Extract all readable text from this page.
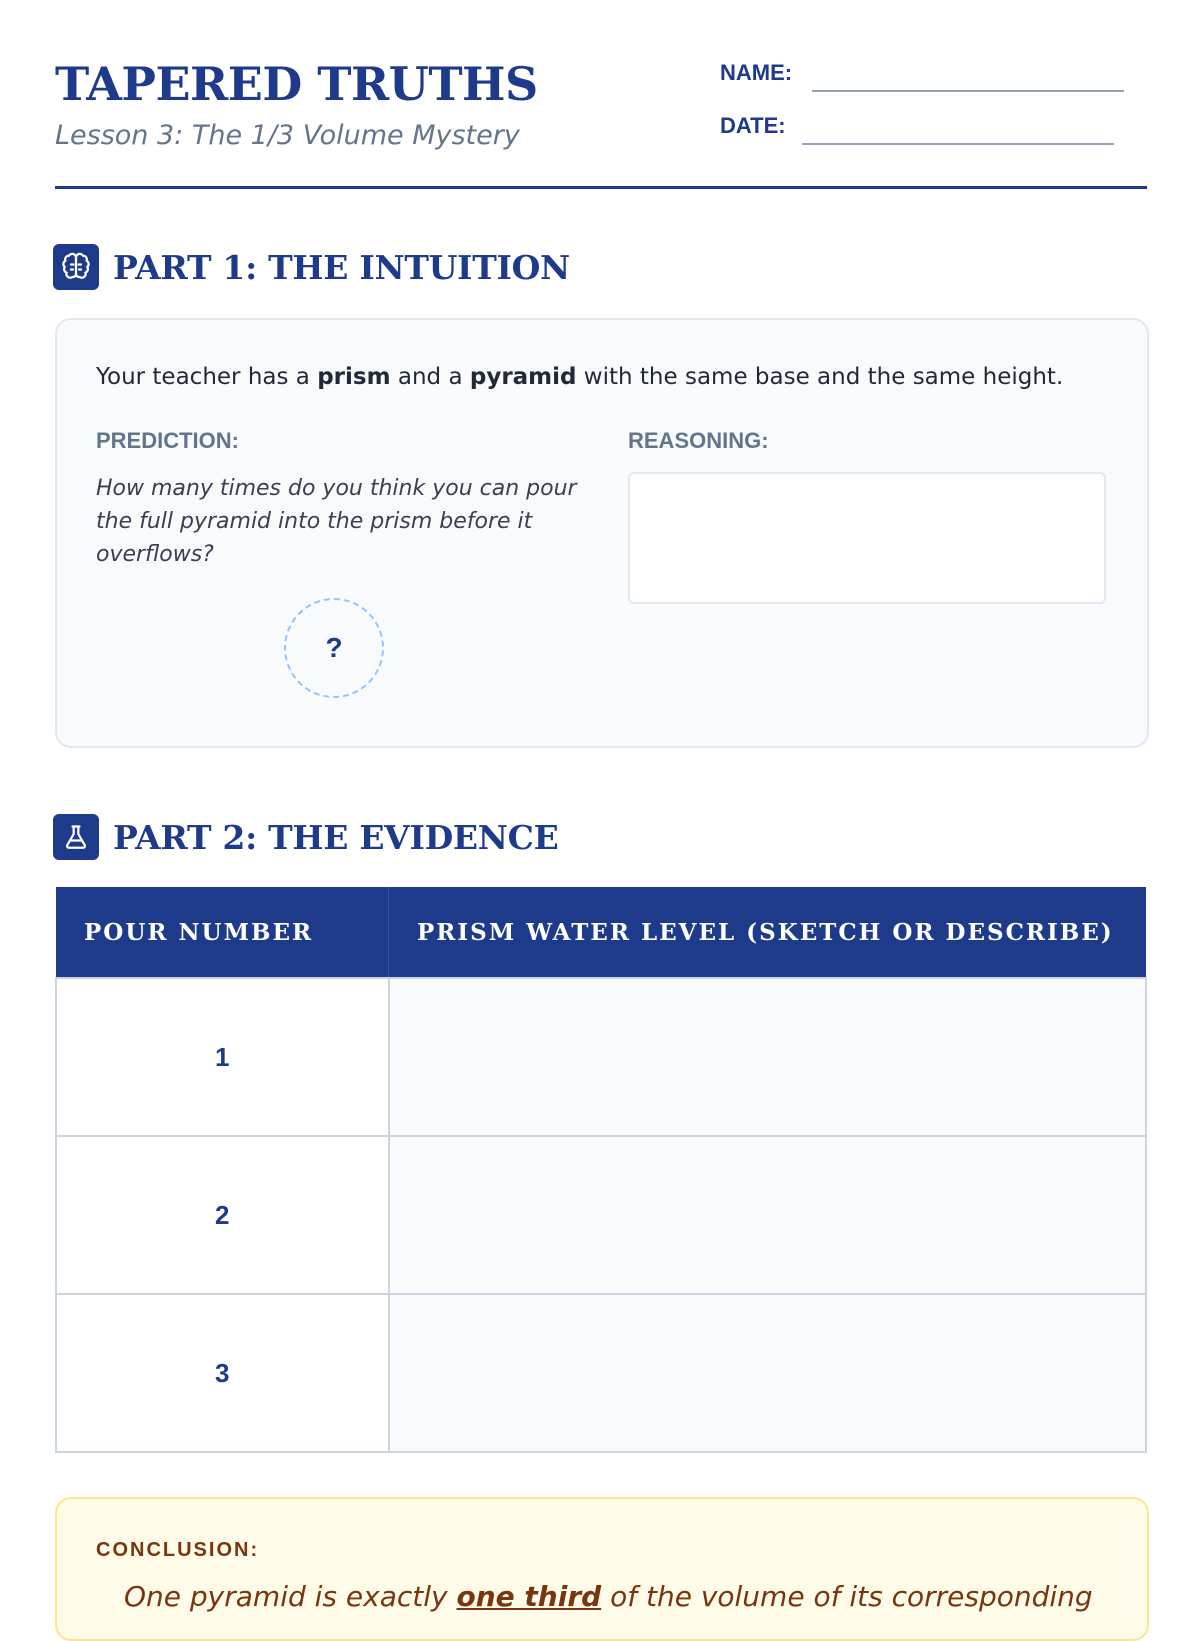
TAPERED TRUTHS
Lesson 3: The 1/3 Volume Mystery
NAME:
DATE:
PART 1: THE INTUITION
Your teacher has a prism and a pyramid with the same base and the same height.
PREDICTION:
How many times do you think you can pour the full pyramid into the prism before it overflows?
?
REASONING:
PART 2: THE EVIDENCE
POUR NUMBER	PRISM WATER LEVEL (SKETCH OR DESCRIBE)
1	
2	
3	
CONCLUSION:
One pyramid is exactly one third of the volume of its corresponding
